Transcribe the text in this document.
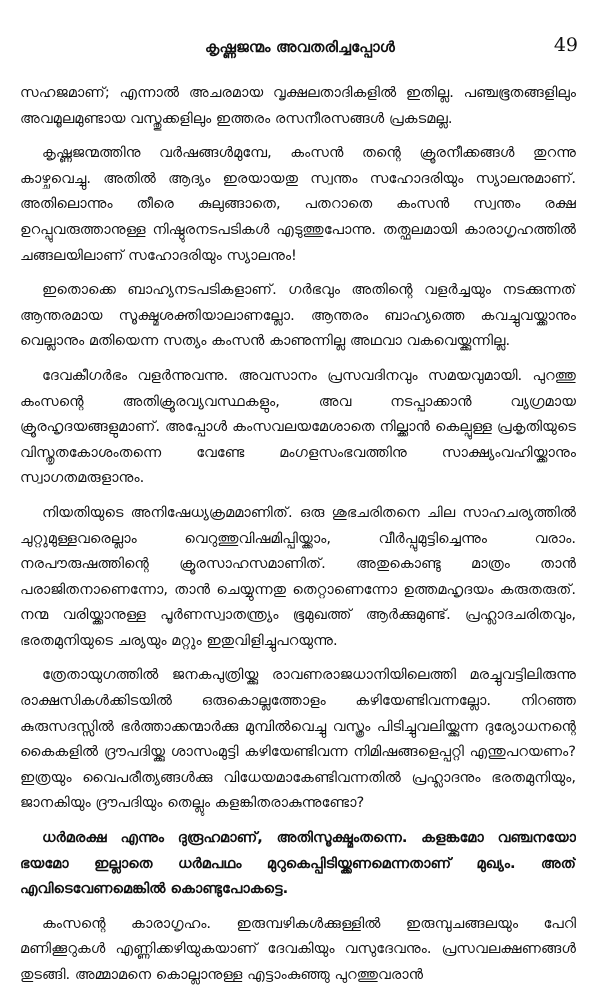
കൃഷ്ണജന്മം അവതരിച്ചപ്പോൾ	49

സഹജമാണ്; എന്നാൽ അചരമായ വൃക്ഷലതാദികളിൽ ഇതില്ല. പഞ്ചഭൂതങ്ങളിലും അവമൂലമുണ്ടായ വസ്തുക്കളിലും ഇത്തരം രസനീരസങ്ങൾ പ്രകടമല്ല.

കൃഷ്ണജന്മത്തിനു വർഷങ്ങൾമുമ്പേ, കംസൻ തന്റെ ക്രൂരനീക്കങ്ങൾ തുറന്നു കാഴ്ചവെച്ചു. അതിൽ ആദ്യം ഇരയായതു സ്വന്തം സഹോദരിയും സ്യാലനുമാണ്. അതിലൊന്നും തീരെ കുലുങ്ങാതെ, പതറാതെ കംസൻ സ്വന്തം രക്ഷ ഉറപ്പുവരുത്താനുള്ള നിഷ്ഠുരനടപടികൾ എടുത്തുപോന്നു. തത്ഫലമായി കാരാഗൃഹത്തിൽ ചങ്ങലയിലാണ് സഹോദരിയും സ്യാലനും!

ഇതൊക്കെ ബാഹ്യനടപടികളാണ്. ഗർഭവും അതിന്റെ വളർച്ചയും നടക്കുന്നത് ആന്തരമായ സൂക്ഷ്മശക്തിയാലാണല്ലോ. ആന്തരം ബാഹ്യത്തെ കവച്ചുവയ്ക്കാനും വെല്ലാനും മതിയെന്ന സത്യം കംസൻ കാണുന്നില്ല അഥവാ വകവെയ്ക്കുന്നില്ല.

ദേവകീഗർഭം വളർന്നുവന്നു. അവസാനം പ്രസവദിനവും സമയവുമായി. പുറത്തു കംസന്റെ അതിക്രൂരവ്യവസ്ഥകളും, അവ നടപ്പാക്കാൻ വ്യഗ്രമായ ക്രൂരഹൃദയങ്ങളുമാണ്. അപ്പോൾ കംസവലയമേശാതെ നില്ക്കാൻ കെല്പുള്ള പ്രകൃതിയുടെ വിസ്തൃതകോശംതന്നെ വേണ്ടേ മംഗളസംഭവത്തിനു സാക്ഷ്യംവഹിയ്ക്കാനും സ്വാഗതമരുളാനും.

നിയതിയുടെ അനിഷേധ്യക്രമമാണിത്. ഒരു ശുഭചരിതനെ ചില സാഹചര്യത്തിൽ ചുറ്റുമുള്ളവരെല്ലാം വെറുത്തുവിഷമിപ്പിയ്ക്കാം, വീർപ്പുമുട്ടിച്ചെന്നും വരാം. നരപൗരുഷത്തിന്റെ ക്രൂരസാഹസമാണിത്. അതുകൊണ്ടു മാത്രം താൻ പരാജിതനാണെന്നോ, താൻ ചെയ്യുന്നതു തെറ്റാണെന്നോ ഉത്തമഹൃദയം കരുതരുത്. നന്മ വരിയ്ക്കാനുള്ള പൂർണസ്വാതന്ത്ര്യം ഭൂമുഖത്ത് ആർക്കുമുണ്ട്. പ്രഹ്ലാദചരിതവും, ഭരതമുനിയുടെ ചര്യയും മറ്റും ഇതുവിളിച്ചുപറയുന്നു.

ത്രേതായുഗത്തിൽ ജനകപുത്രിയ്ക്കു രാവണരാജധാനിയിലെത്തി മരച്ചുവട്ടിലിരുന്നു രാക്ഷസികൾക്കിടയിൽ ഒരുകൊല്ലത്തോളം കഴിയേണ്ടിവന്നല്ലോ. നിറഞ്ഞ കുരുസദസ്സിൽ ഭർത്താക്കന്മാർക്കു മുമ്പിൽവെച്ചു വസ്ത്രം പിടിച്ചുവലിയ്ക്കുന്ന ദുര്യോധനന്റെ കൈകളിൽ ദ്രൗപദിയ്ക്കു ശാസംമുട്ടി കഴിയേണ്ടിവന്ന നിമിഷങ്ങളെപ്പറ്റി എന്തുപറയണം? ഇത്രയും വൈപരീത്യങ്ങൾക്കു വിധേയമാകേണ്ടിവന്നതിൽ പ്രഹ്ലാദനും ഭരതമുനിയും, ജാനകിയും ദ്രൗപദിയും തെല്ലും കളങ്കിതരാകുന്നുണ്ടോ?

ധർമരക്ഷ എന്നും ദുരൂഹമാണ്, അതിസൂക്ഷ്മംതന്നെ. കളങ്കമോ വഞ്ചനയോ ഭയമോ ഇല്ലാതെ ധർമപഥം മുറുകെപ്പിടിയ്ക്കണമെന്നതാണ് മുഖ്യം. അത് എവിടെവേണമെങ്കിൽ കൊണ്ടുപോകട്ടെ.

കംസന്റെ കാരാഗൃഹം. ഇരുമ്പഴികൾക്കുള്ളിൽ ഇരുമ്പുചങ്ങലയും പേറി മണിക്കൂറുകൾ എണ്ണിക്കഴിയുകയാണ് ദേവകിയും വസുദേവനും. പ്രസവലക്ഷണങ്ങൾ തുടങ്ങി. അമ്മാമനെ കൊല്ലാനുള്ള എട്ടാംകുഞ്ഞു പുറത്തുവരാൻ
